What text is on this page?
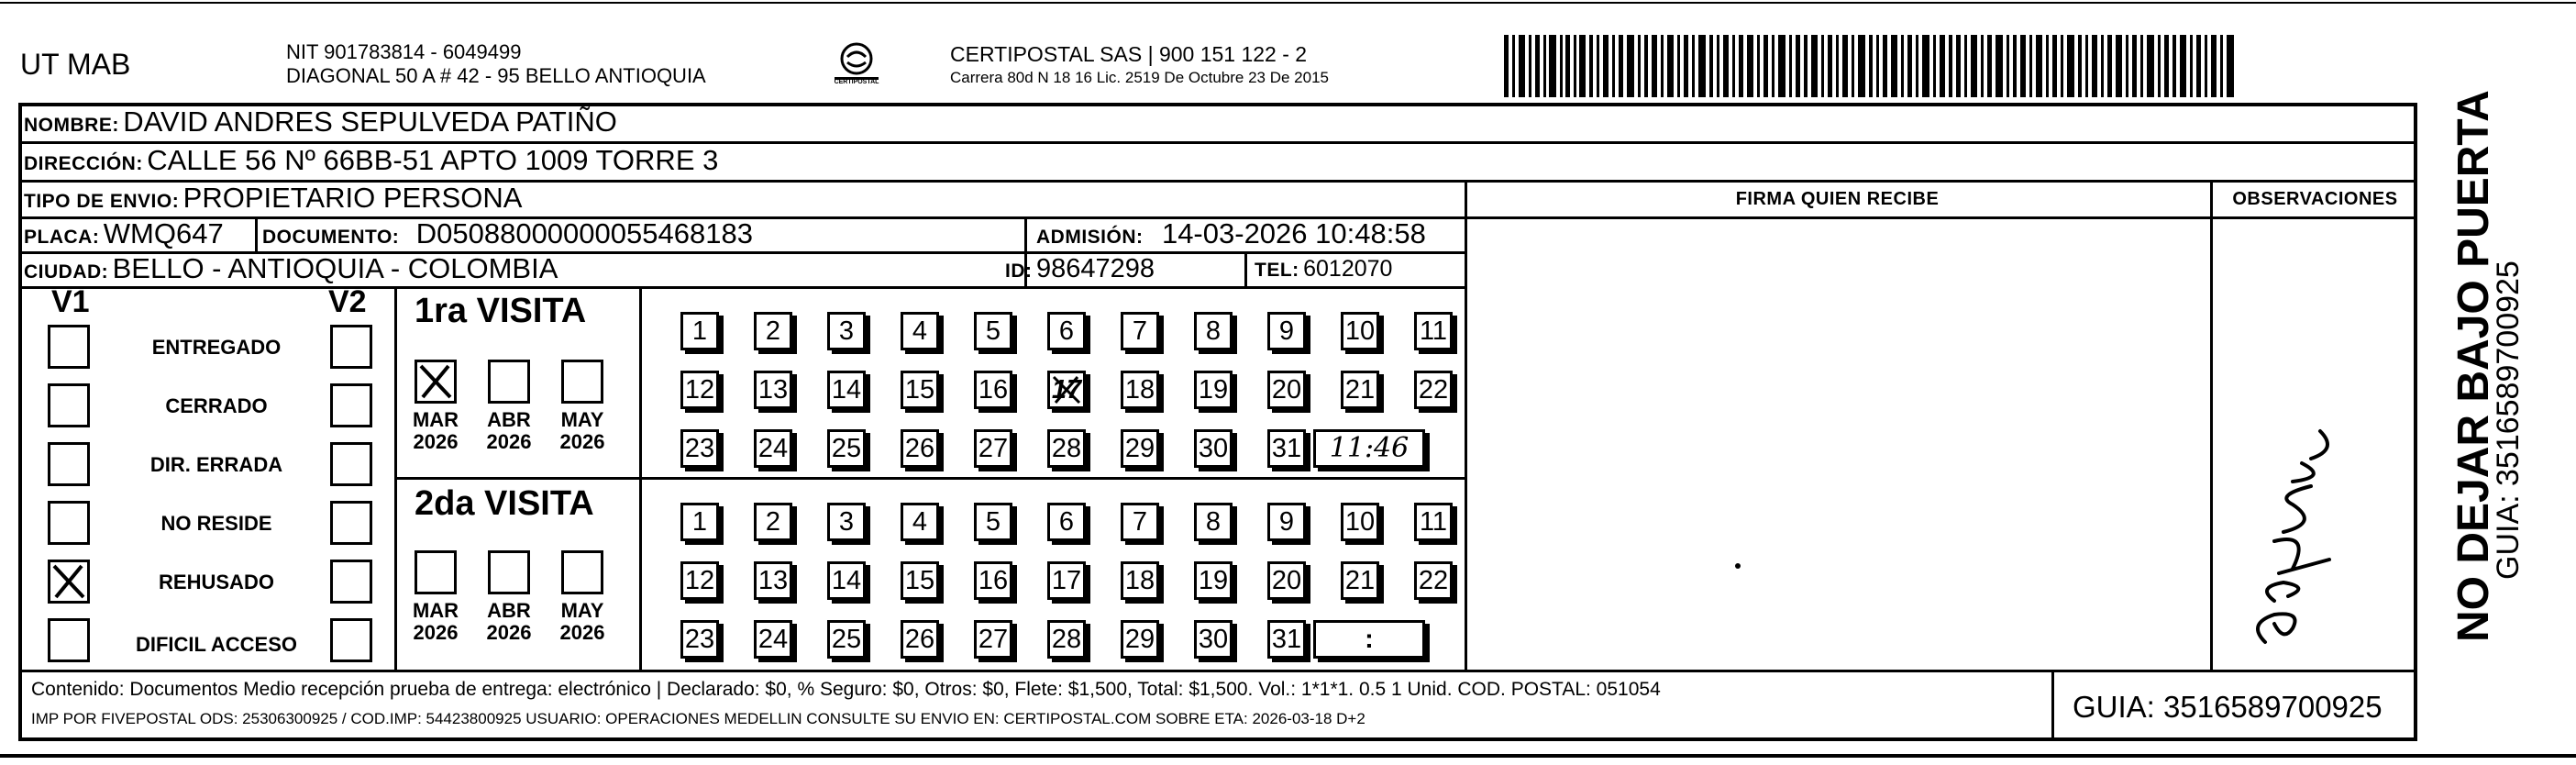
UT MAB	NIT 901783814 - 6049499
DIAGONAL 50 A # 42 - 95 BELLO ANTIOQUIA	CERTIPOSTAL
CERTIPOSTAL SAS | 900 151 122 - 2
Carrera 80d N 18 16 Lic. 2519 De Octubre 23 De 2015
NOMBRE: DAVID ANDRES SEPULVEDA PATIÑO
DIRECCIÓN: CALLE 56 Nº 66BB-51 APTO 1009 TORRE 3
TIPO DE ENVIO: PROPIETARIO PERSONA
PLACA: WMQ647 DOCUMENTO: D05088000000055468183	ADMISIÓN: 14-03-2026 10:48:58
CIUDAD: BELLO - ANTIOQUIA - COLOMBIA	ID: 98647298	TEL: 6012070
FIRMA QUIEN RECIBE	OBSERVACIONES
V1	V2
ENTREGADO
CERRADO
DIR. ERRADA
NO RESIDE
REHUSADO
DIFICIL ACCESO
1ra VISITA
MAR
2026
ABR
2026
MAY
2026
1	2	3	4	5	6	7	8	9	10 11
12 13 14 15 16 17 18 19 20 21 22
23 24 25 26 27 28 29 30 31	11:46
2da VISITA
MAR
2026
ABR
2026
MAY
2026
1	2	3	4	5	6	7	8	9	10 11
12 13 14 15 16 17 18 19 20 21 22
23 24 25 26 27 28 29 30 31	:
Contenido: Documentos Medio recepción prueba de entrega: electrónico | Declarado: $0, % Seguro: $0, Otros: $0, Flete: $1,500, Total: $1,500. Vol.: 1*1*1. 0.5 1 Unid. COD. POSTAL: 051054
IMP POR FIVEPOSTAL ODS: 25306300925 / COD.IMP: 54423800925 USUARIO: OPERACIONES MEDELLIN CONSULTE SU ENVIO EN: CERTIPOSTAL.COM SOBRE ETA: 2026-03-18 D+2	GUIA: 3516589700925
NO DEJAR BAJO PUERTA
GUIA: 3516589700925
